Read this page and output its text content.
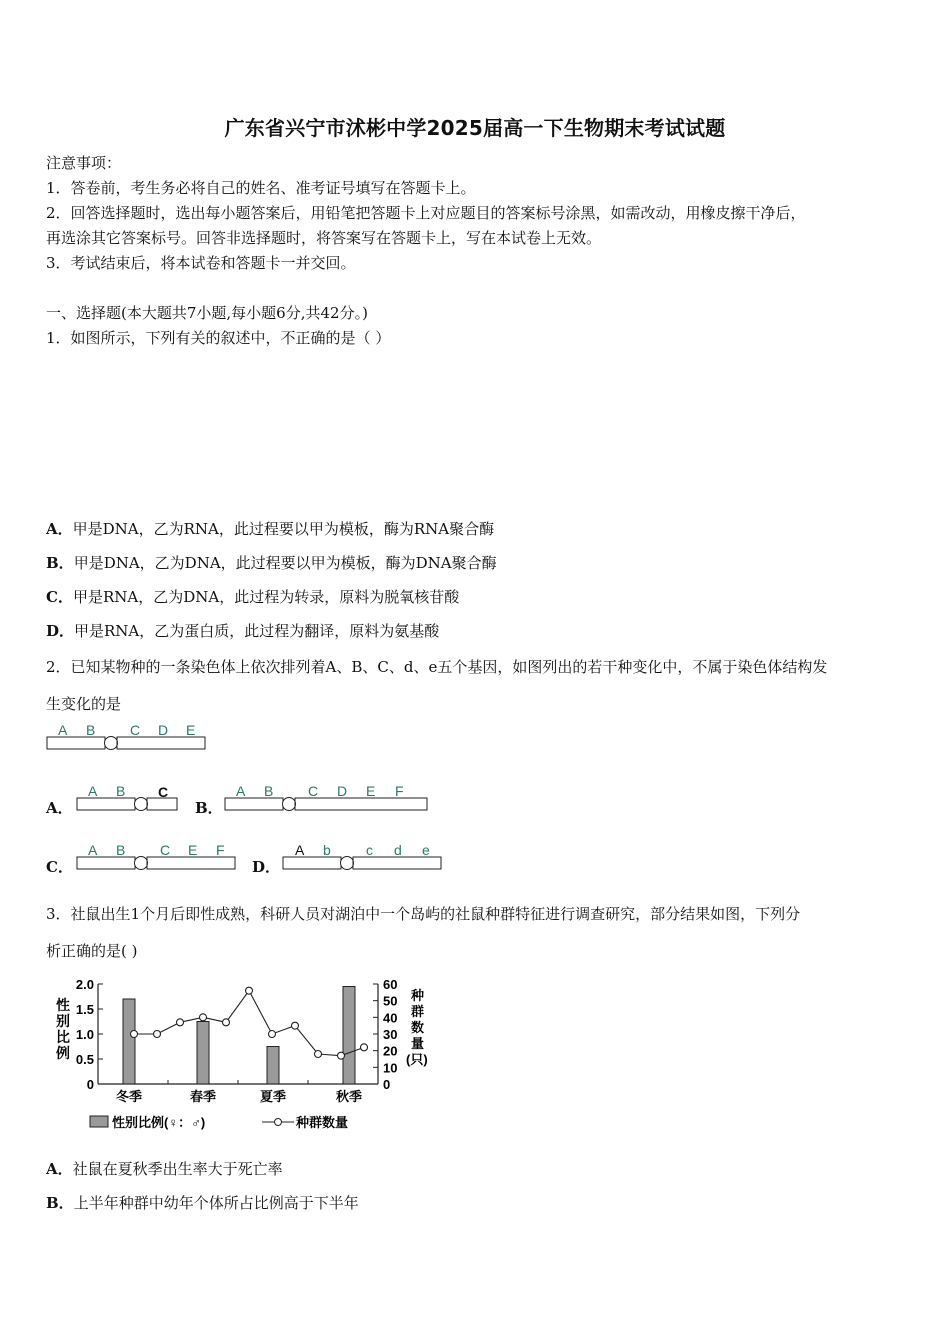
广东省兴宁市沭彬中学2025届高一下生物期末考试试题
注意事项：
1．答卷前，考生务必将自己的姓名、准考证号填写在答题卡上。
2．回答选择题时，选出每小题答案后，用铅笔把答题卡上对应题目的答案标号涂黑，如需改动，用橡皮擦干净后，
再选涂其它答案标号。回答非选择题时，将答案写在答题卡上，写在本试卷上无效。
3．考试结束后，将本试卷和答题卡一并交回。
一、选择题(本大题共7小题,每小题6分,共42分。)
1．如图所示，下列有关的叙述中，不正确的是（ ）
A．甲是DNA，乙为RNA，此过程要以甲为模板，酶为RNA聚合酶
B．甲是DNA，乙为DNA，此过程要以甲为模板，酶为DNA聚合酶
C．甲是RNA，乙为DNA，此过程为转录，原料为脱氧核苷酸
D．甲是RNA，乙为蛋白质，此过程为翻译，原料为氨基酸
2．已知某物种的一条染色体上依次排列着A、B、C、d、e五个基因，如图列出的若干种变化中，不属于染色体结构发
生变化的是
A B C D E
A．
A B C
B．
A B C D E F
C．
A B C E F
D．
A b	c d e
3．社鼠出生1个月后即性成熟，科研人员对湖泊中一个岛屿的社鼠种群特征进行调查研究，部分结果如图，下列分
析正确的是( )
0
0.5
1.0
1.5
2.0
0
10
20
30
40
50
60
冬季	春季	夏季	秋季
性别比例
种群数量(只)
性别比例(♀：♂)	种群数量
A．社鼠在夏秋季出生率大于死亡率
B．上半年种群中幼年个体所占比例高于下半年
